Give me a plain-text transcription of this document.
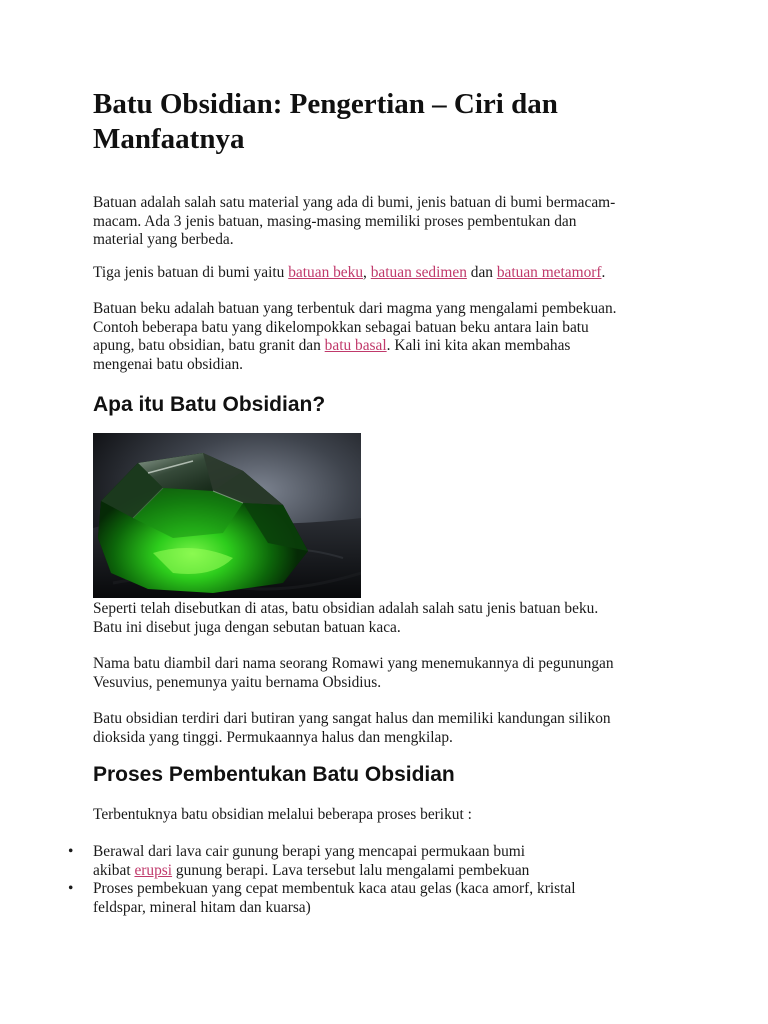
Batu Obsidian: Pengertian – Ciri dan
Manfaatnya

Batuan adalah salah satu material yang ada di bumi, jenis batuan di bumi bermacam-
macam. Ada 3 jenis batuan, masing-masing memiliki proses pembentukan dan
material yang berbeda.

Tiga jenis batuan di bumi yaitu batuan beku, batuan sedimen dan batuan metamorf.

Batuan beku adalah batuan yang terbentuk dari magma yang mengalami pembekuan.
Contoh beberapa batu yang dikelompokkan sebagai batuan beku antara lain batu
apung, batu obsidian, batu granit dan batu basal. Kali ini kita akan membahas
mengenai batu obsidian.

Apa itu Batu Obsidian?

Seperti telah disebutkan di atas, batu obsidian adalah salah satu jenis batuan beku.
Batu ini disebut juga dengan sebutan batuan kaca.

Nama batu diambil dari nama seorang Romawi yang menemukannya di pegunungan
Vesuvius, penemunya yaitu bernama Obsidius.

Batu obsidian terdiri dari butiran yang sangat halus dan memiliki kandungan silikon
dioksida yang tinggi. Permukaannya halus dan mengkilap.

Proses Pembentukan Batu Obsidian

Terbentuknya batu obsidian melalui beberapa proses berikut :

• Berawal dari lava cair gunung berapi yang mencapai permukaan bumi
akibat erupsi gunung berapi. Lava tersebut lalu mengalami pembekuan

• Proses pembekuan yang cepat membentuk kaca atau gelas (kaca amorf, kristal
feldspar, mineral hitam dan kuarsa)
